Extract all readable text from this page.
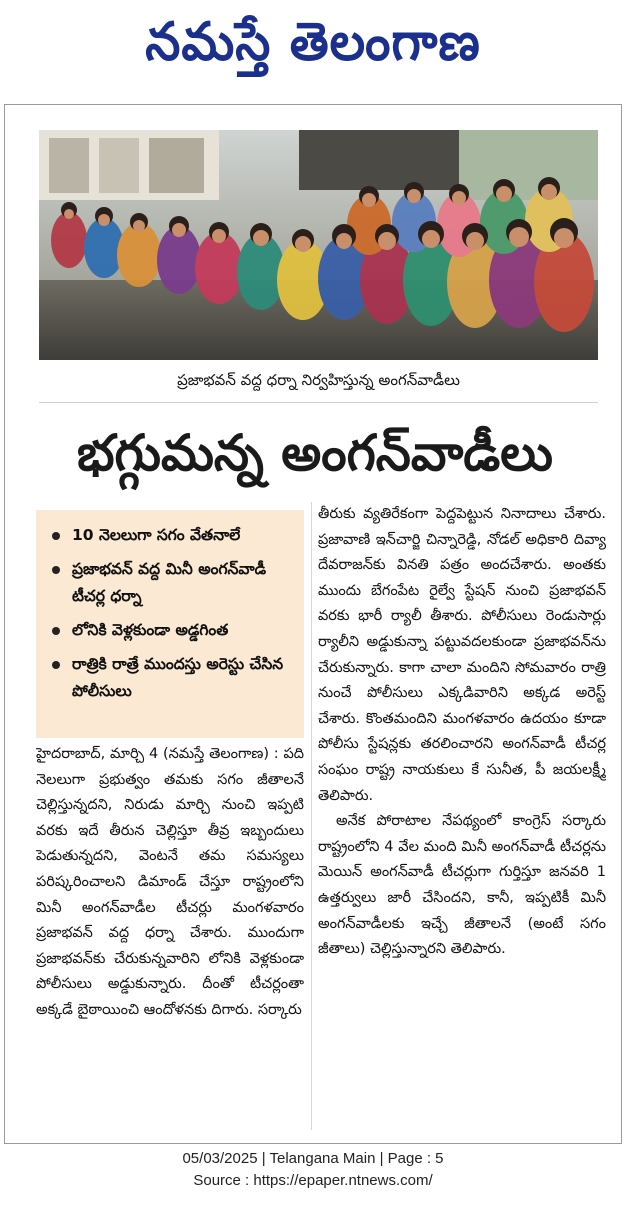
నమస్తే తెలంగాణ
ప్రజాభవన్ వద్ద ధర్నా నిర్వహిస్తున్న అంగన్‌వాడీలు
భగ్గుమన్న అంగన్‌వాడీలు
10 నెలలుగా సగం వేతనాలే
ప్రజాభవన్ వద్ద మినీ అంగన్‌వాడీ టీచర్ల ధర్నా
లోనికి వెళ్లకుండా అడ్డగింత
రాత్రికి రాత్రే ముందస్తు అరెస్టు చేసిన పోలీసులు

హైదరాబాద్, మార్చి 4 (నమస్తే తెలంగాణ) : పది నెలలుగా ప్రభుత్వం తమకు సగం జీతాలనే చెల్లిస్తున్నదని, నిరుడు మార్చి నుంచి ఇప్పటి వరకు ఇదే తీరున చెల్లిస్తూ తీవ్ర ఇబ్బందులు పెడుతున్నదని, వెంటనే తమ సమస్యలు పరిష్కరించాలని డిమాండ్ చేస్తూ రాష్ట్రంలోని మినీ అంగన్‌వాడీల టీచర్లు మంగళవారం ప్రజాభవన్ వద్ద ధర్నా చేశారు. ముందుగా ప్రజాభవన్‌కు చేరుకున్నవారిని లోనికి వెళ్లకుండా పోలీసులు అడ్డుకున్నారు. దీంతో టీచర్లంతా అక్కడే బైఠాయించి ఆందోళనకు దిగారు. సర్కారు

తీరుకు వ్యతిరేకంగా పెద్దపెట్టున నినాదాలు చేశారు. ప్రజావాణి ఇన్‌చార్జి చిన్నారెడ్డి, నోడల్ అధికారి దివ్యా దేవరాజన్‌కు వినతి పత్రం అందచేశారు. అంతకు ముందు బేగంపేట రైల్వే స్టేషన్ నుంచి ప్రజాభవన్ వరకు భారీ ర్యాలీ తీశారు. పోలీసులు రెండుసార్లు ర్యాలీని అడ్డుకున్నా పట్టువదలకుండా ప్రజాభవన్‌ను చేరుకున్నారు. కాగా చాలా మందిని సోమవారం రాత్రి నుంచే పోలీసులు ఎక్కడివారిని అక్కడ అరెస్ట్ చేశారు. కొంతమందిని మంగళవారం ఉదయం కూడా పోలీసు స్టేషన్లకు తరలించారని అంగన్‌వాడీ టీచర్ల సంఘం రాష్ట్ర నాయకులు కే సునీత, పీ జయలక్ష్మీ తెలిపారు.

అనేక పోరాటాల నేపథ్యంలో కాంగ్రెస్ సర్కారు రాష్ట్రంలోని 4 వేల మంది మినీ అంగన్‌వాడీ టీచర్లను మెయిన్ అంగన్‌వాడీ టీచర్లుగా గుర్తిస్తూ జనవరి 1 ఉత్తర్వులు జారీ చేసిందని, కానీ, ఇప్పటికీ మినీ అంగన్‌వాడీలకు ఇచ్చే జీతాలనే (అంటే సగం జీతాలు) చెల్లిస్తున్నారని తెలిపారు.

05/03/2025 | Telangana Main | Page : 5
Source : https://epaper.ntnews.com/
